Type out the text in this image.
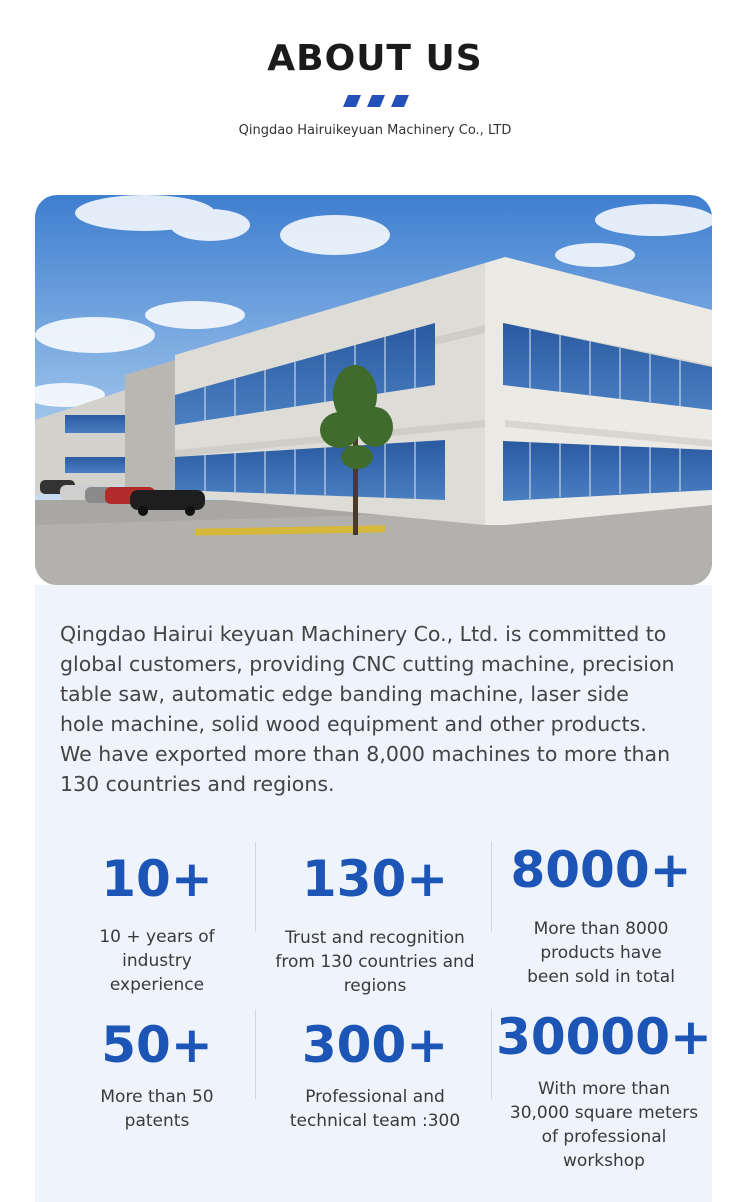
ABOUT US
Qingdao Hairuikeyuan Machinery Co., LTD

Qingdao Hairui keyuan Machinery Co., Ltd. is committed to global customers, providing CNC cutting machine, precision table saw, automatic edge banding machine, laser side hole machine, solid wood equipment and other products. We have exported more than 8,000 machines to more than 130 countries and regions.

10+
10 + years of industry experience
130+
Trust and recognition from 130 countries and regions
8000+
More than 8000 products have been sold in total
50+
More than 50 patents
300+
Professional and technical team :300
30000+
With more than 30,000 square meters of professional workshop
